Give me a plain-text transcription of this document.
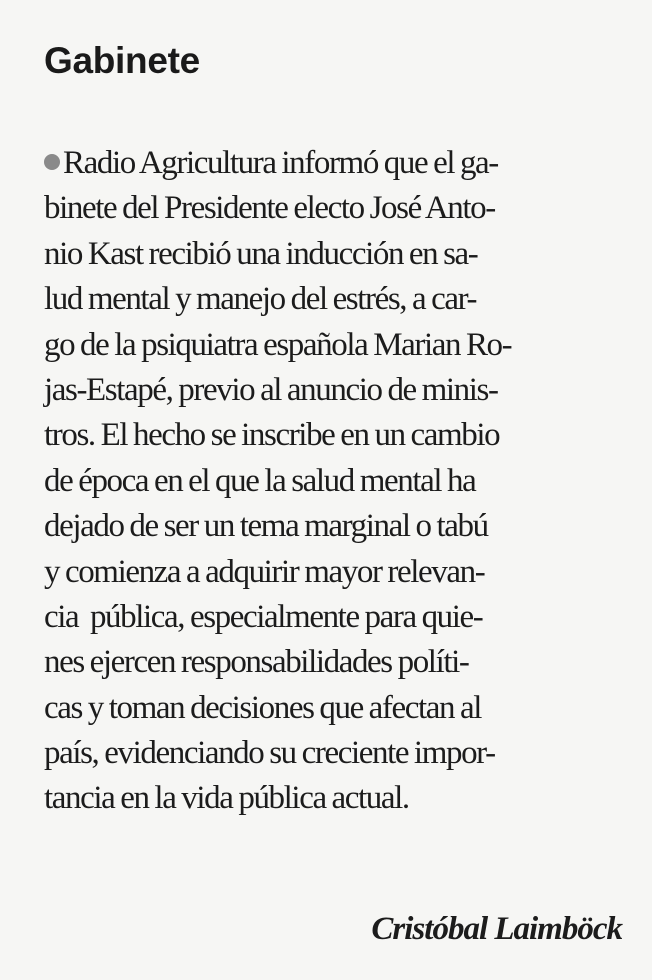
Gabinete
Radio Agricultura informó que el ga-
binete del Presidente electo José Anto-
nio Kast recibió una inducción en sa-
lud mental y manejo del estrés, a car-
go de la psiquiatra española Marian Ro-
jas-Estapé, previo al anuncio de minis-
tros. El hecho se inscribe en un cambio
de época en el que la salud mental ha
dejado de ser un tema marginal o tabú
y comienza a adquirir mayor relevan-
cia  pública, especialmente para quie-
nes ejercen responsabilidades políti-
cas y toman decisiones que afectan al
país, evidenciando su creciente impor-
tancia en la vida pública actual.

Cristóbal Laimböck
